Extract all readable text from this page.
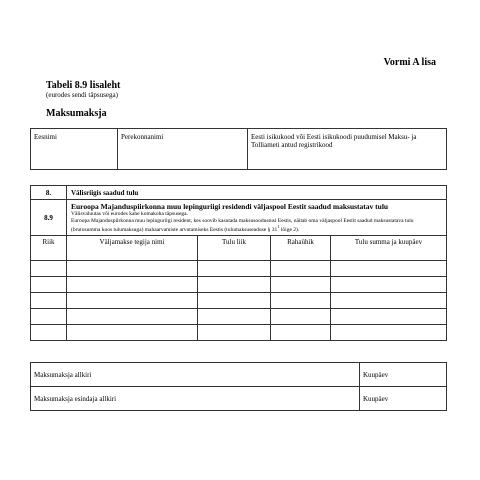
Vormi A lisa
Tabeli 8.9 lisaleht
(eurodes sendi täpsusega)
Maksumaksja
Eesnimi	Perekonnanimi	Eesti isikukood või Eesti isikukoodi puudumisel Maksu- ja Tolliameti antud registrikood
8.	Välisriigis saadud tulu			
8.9	Euroopa Majanduspiirkonna muu lepinguriigi residendi väljaspool Eestit saadud maksustatav tulu
Välisvaluutas või eurodes kahe komakoha täpsusega.
Euroopa Majanduspiirkonna muu lepinguriigi resident, kes soovib kasutada maksusoodustusi Eestis, näitab oma väljaspool Eestit saadud maksustatava tulu (brutosumma koos tulumaksuga) mahaarvamiste arvutamiseks Eestis (tulumaksuseaduse § $31^1$ lõige 2).			

Riik	Väljamakse tegija nimi	Tulu liik	Rahaühik	Tulu summa ja kuupäev

Maksumaksja allkiri	Kuupäev
Maksumaksja esindaja allkiri	Kuupäev
